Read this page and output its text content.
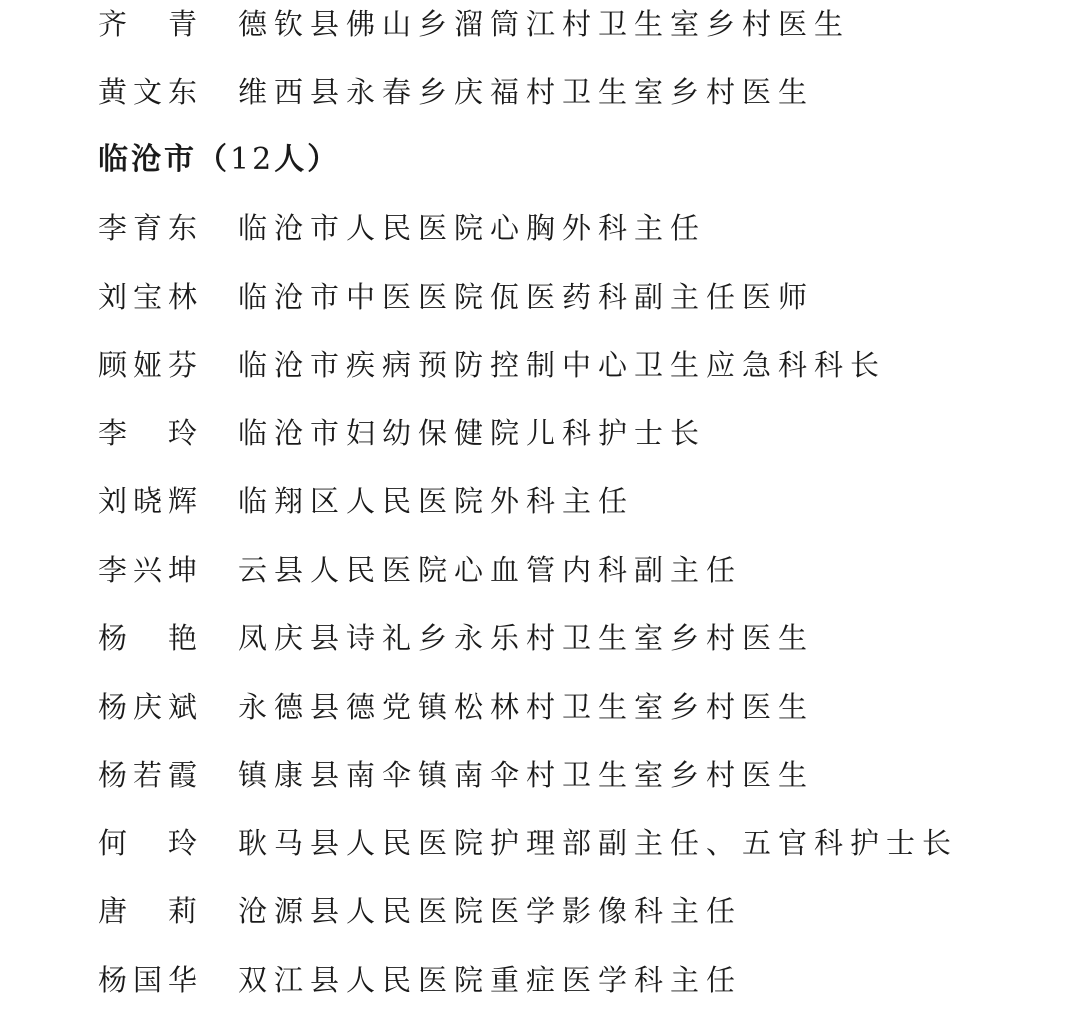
齐　青 德钦县佛山乡溜筒江村卫生室乡村医生
黄文东 维西县永春乡庆福村卫生室乡村医生
临沧市（12人）
李育东 临沧市人民医院心胸外科主任
刘宝林 临沧市中医医院佤医药科副主任医师
顾娅芬 临沧市疾病预防控制中心卫生应急科科长
李　玲 临沧市妇幼保健院儿科护士长
刘晓辉 临翔区人民医院外科主任
李兴坤 云县人民医院心血管内科副主任
杨　艳 凤庆县诗礼乡永乐村卫生室乡村医生
杨庆斌 永德县德党镇松林村卫生室乡村医生
杨若霞 镇康县南伞镇南伞村卫生室乡村医生
何　玲 耿马县人民医院护理部副主任、五官科护士长
唐　莉 沧源县人民医院医学影像科主任
杨国华 双江县人民医院重症医学科主任
